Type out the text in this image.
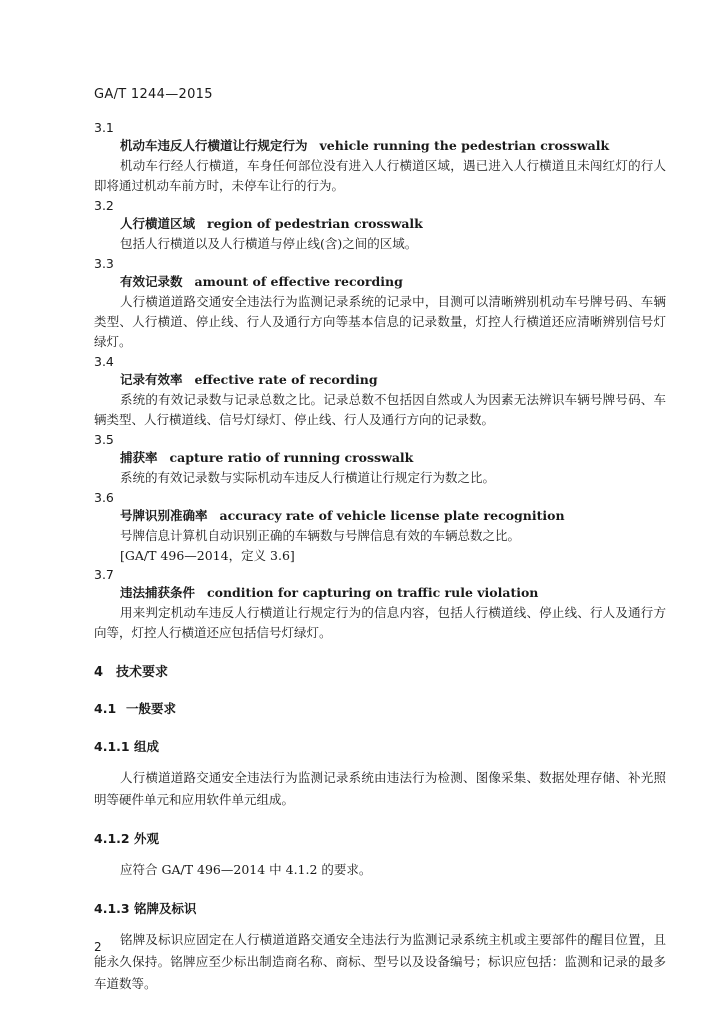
GA/T 1244—2015
3.1
机动车违反人行横道让行规定行为 vehicle running the pedestrian crosswalk
机动车行经人行横道，车身任何部位没有进入人行横道区域，遇已进入人行横道且未闯红灯的行人即将通过机动车前方时，未停车让行的行为。
3.2
人行横道区域 region of pedestrian crosswalk
包括人行横道以及人行横道与停止线(含)之间的区域。
3.3
有效记录数 amount of effective recording
人行横道道路交通安全违法行为监测记录系统的记录中，目测可以清晰辨别机动车号牌号码、车辆类型、人行横道、停止线、行人及通行方向等基本信息的记录数量，灯控人行横道还应清晰辨别信号灯绿灯。
3.4
记录有效率 effective rate of recording
系统的有效记录数与记录总数之比。记录总数不包括因自然或人为因素无法辨识车辆号牌号码、车辆类型、人行横道线、信号灯绿灯、停止线、行人及通行方向的记录数。
3.5
捕获率 capture ratio of running crosswalk
系统的有效记录数与实际机动车违反人行横道让行规定行为数之比。
3.6
号牌识别准确率 accuracy rate of vehicle license plate recognition
号牌信息计算机自动识别正确的车辆数与号牌信息有效的车辆总数之比。
[GA/T 496—2014，定义 3.6]
3.7
违法捕获条件 condition for capturing on traffic rule violation
用来判定机动车违反人行横道让行规定行为的信息内容，包括人行横道线、停止线、行人及通行方向等，灯控人行横道还应包括信号灯绿灯。
4 技术要求
4.1 一般要求
4.1.1 组成
人行横道道路交通安全违法行为监测记录系统由违法行为检测、图像采集、数据处理存储、补光照明等硬件单元和应用软件单元组成。
4.1.2 外观
应符合 GA/T 496—2014 中 4.1.2 的要求。
4.1.3 铭牌及标识
铭牌及标识应固定在人行横道道路交通安全违法行为监测记录系统主机或主要部件的醒目位置，且能永久保持。铭牌应至少标出制造商名称、商标、型号以及设备编号；标识应包括：监测和记录的最多车道数等。
2
